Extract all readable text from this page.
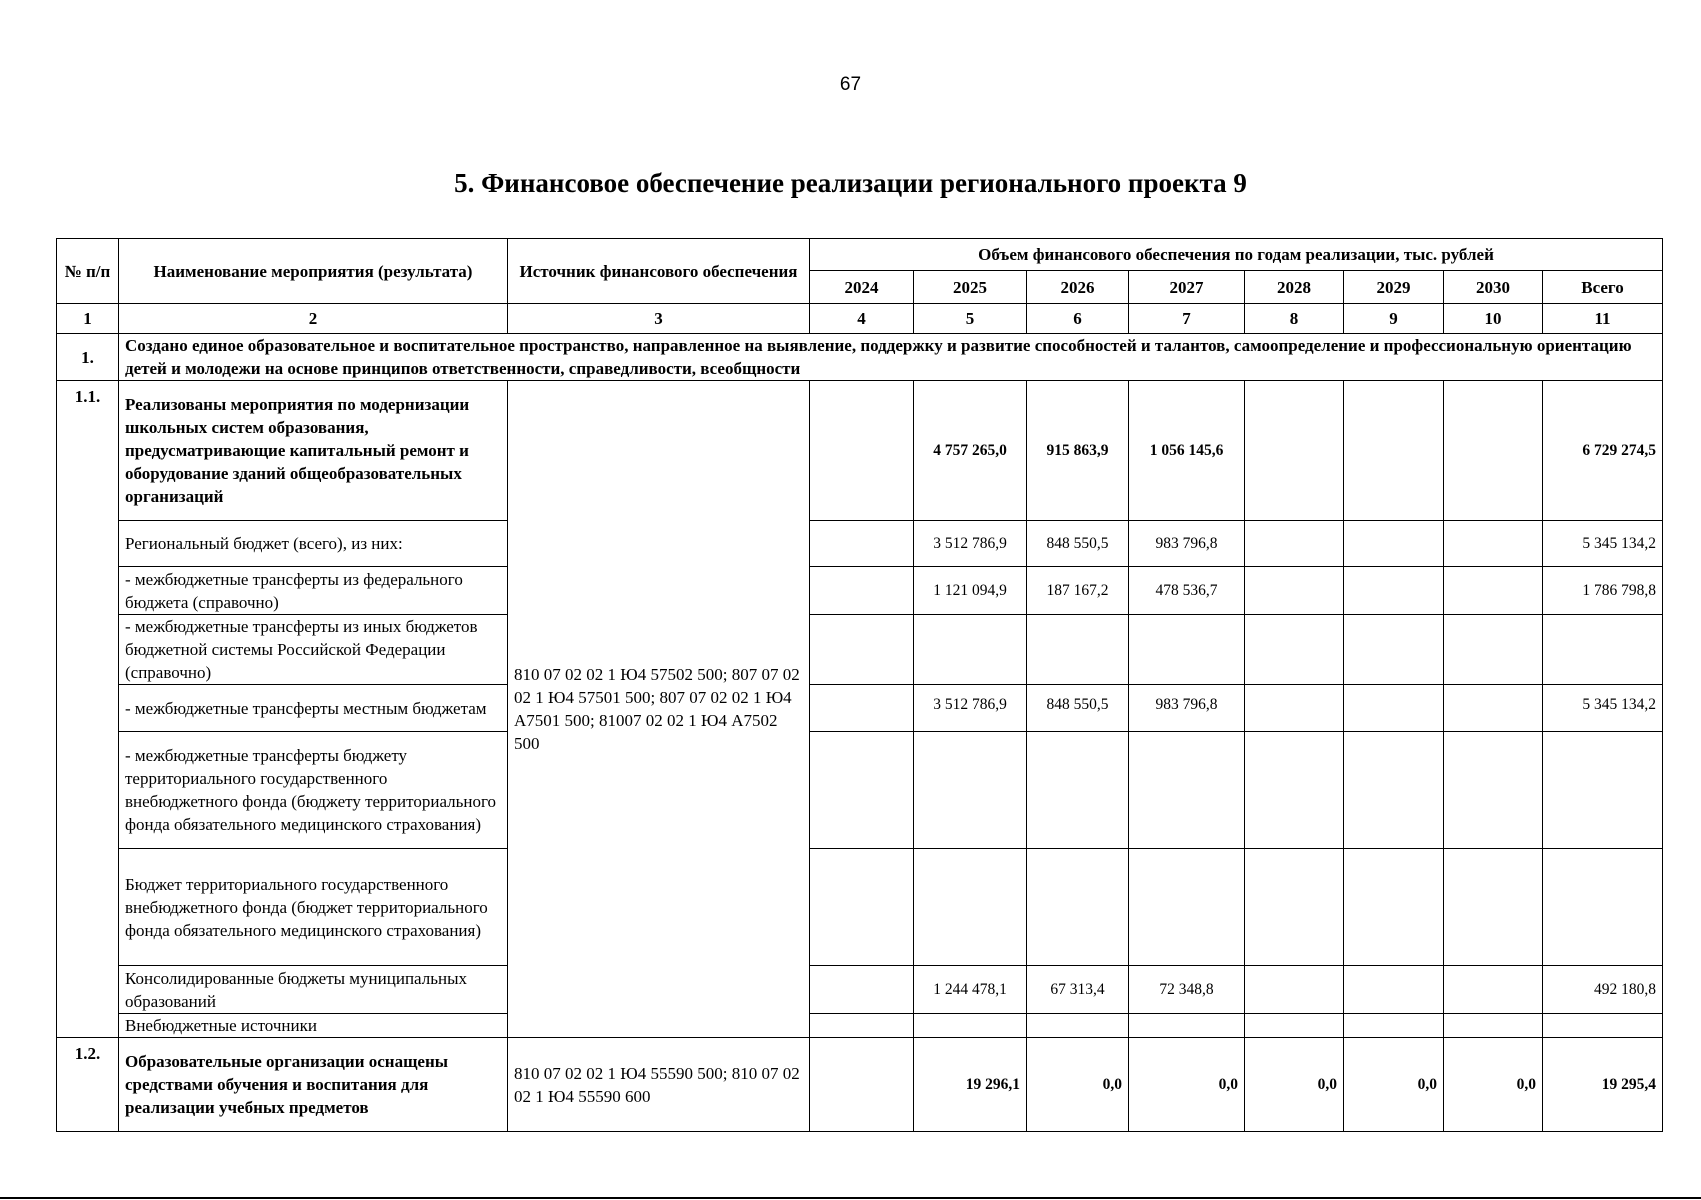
67
5. Финансовое обеспечение реализации регионального проекта 9
№ п/п	Наименование мероприятия (результата)	Источник финансового обеспечения	Объем финансового обеспечения по годам реализации, тыс. рублей							
			2024	2025	2026	2027	2028	2029	2030	Всего
1	2	3	4	5	6	7	8	9	10	11
1.	Создано единое образовательное и воспитательное пространство, направленное на выявление, поддержку и развитие способностей и талантов, самоопределение и профессиональную ориентацию детей и молодежи на основе принципов ответственности, справедливости, всеобщности									
1.1.	Реализованы мероприятия по модернизации школьных систем образования, предусматривающие капитальный ремонт и оборудование зданий общеобразовательных организаций	810 07 02 02 1 Ю4 57502 500; 807 07 02 02 1 Ю4 57501 500; 807 07 02 02 1 Ю4 А7501 500; 81007 02 02 1 Ю4 А7502 500		4 757 265,0	915 863,9	1 056 145,6				6 729 274,5
	Региональный бюджет (всего), из них:			3 512 786,9	848 550,5	983 796,8				5 345 134,2
	- межбюджетные трансферты из федерального бюджета (справочно)			1 121 094,9	187 167,2	478 536,7				1 786 798,8
	- межбюджетные трансферты из иных бюджетов бюджетной системы Российской Федерации (справочно)									
	- межбюджетные трансферты местным бюджетам			3 512 786,9	848 550,5	983 796,8				5 345 134,2
	- межбюджетные трансферты бюджету территориального государственного внебюджетного фонда (бюджету территориального фонда обязательного медицинского страхования)									
	Бюджет территориального государственного внебюджетного фонда (бюджет территориального фонда обязательного медицинского страхования)									
	Консолидированные бюджеты муниципальных образований			1 244 478,1	67 313,4	72 348,8				492 180,8
	Внебюджетные источники									
1.2.	Образовательные организации оснащены средствами обучения и воспитания для реализации учебных предметов	810 07 02 02 1 Ю4 55590 500; 810 07 02 02 1 Ю4 55590 600		19 296,1	0,0	0,0	0,0	0,0	0,0	19 295,4
